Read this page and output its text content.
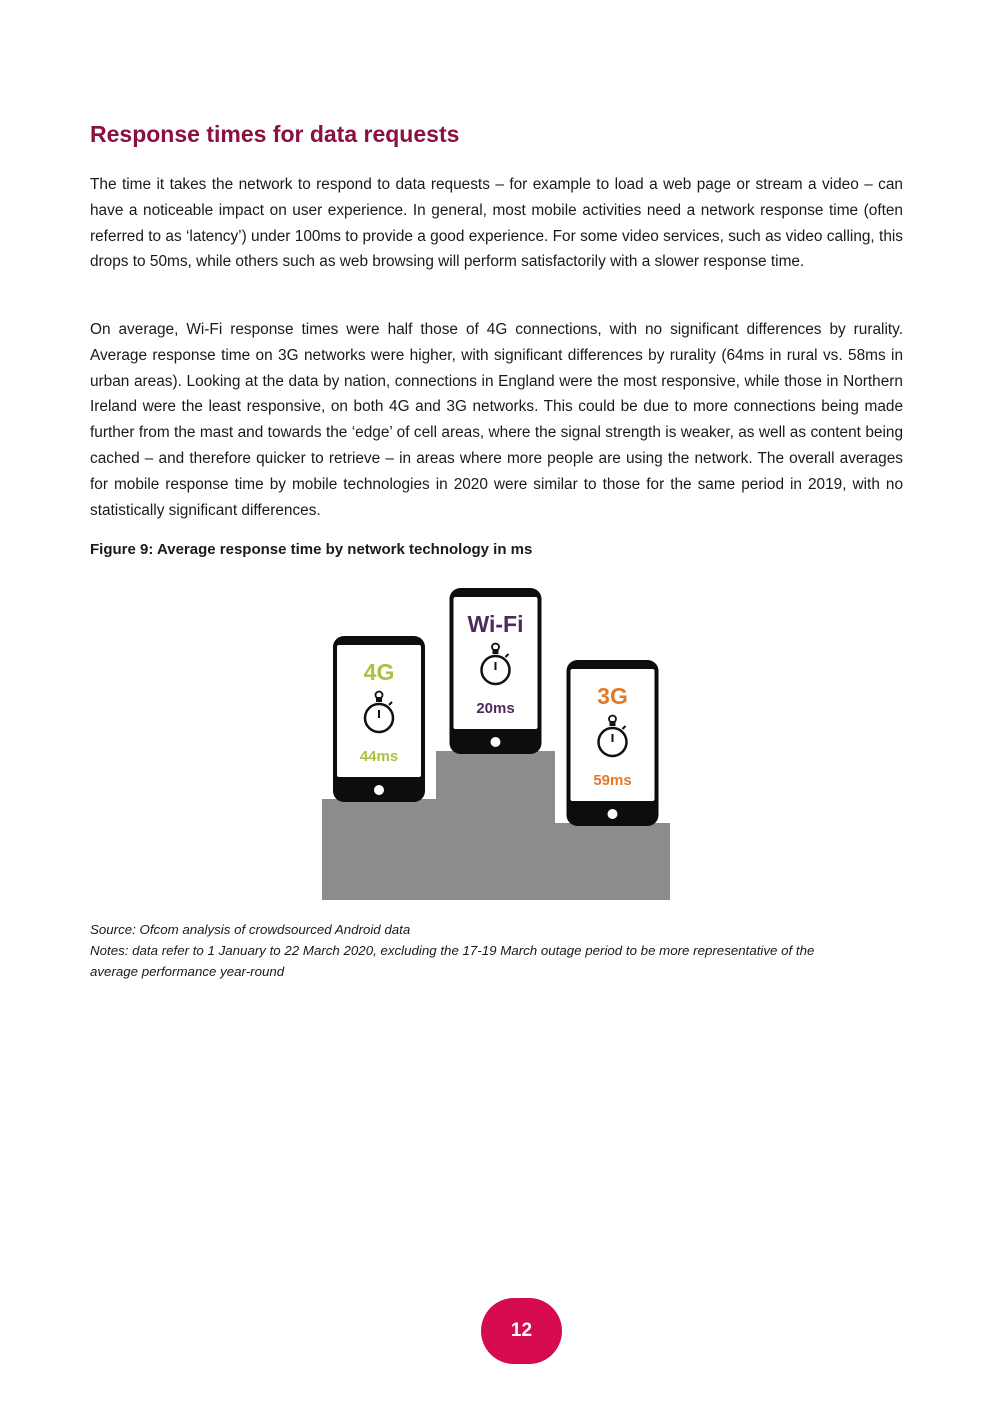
Response times for data requests

The time it takes the network to respond to data requests – for example to load a web page or stream a video – can have a noticeable impact on user experience. In general, most mobile activities need a network response time (often referred to as ‘latency’) under 100ms to provide a good experience. For some video services, such as video calling, this drops to 50ms, while others such as web browsing will perform satisfactorily with a slower response time.

On average, Wi-Fi response times were half those of 4G connections, with no significant differences by rurality. Average response time on 3G networks were higher, with significant differences by rurality (64ms in rural vs. 58ms in urban areas). Looking at the data by nation, connections in England were the most responsive, while those in Northern Ireland were the least responsive, on both 4G and 3G networks. This could be due to more connections being made further from the mast and towards the ‘edge’ of cell areas, where the signal strength is weaker, as well as content being cached – and therefore quicker to retrieve – in areas where more people are using the network. The overall averages for mobile response time by mobile technologies in 2020 were similar to those for the same period in 2019, with no statistically significant differences.

Figure 9: Average response time by network technology in ms

4G
44ms
Wi-Fi
20ms	3G
59ms

Source: Ofcom analysis of crowdsourced Android data

Notes: data refer to 1 January to 22 March 2020, excluding the 17-19 March outage period to be more representative of the average performance year-round

12
